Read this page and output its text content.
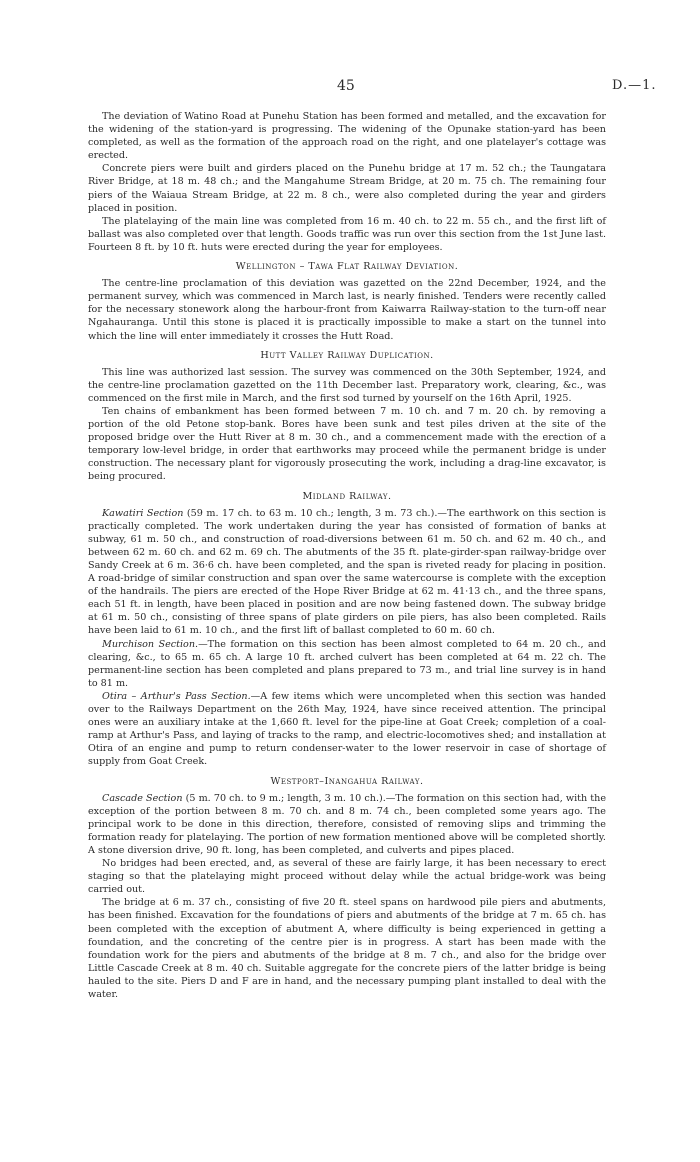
45	D.—1.

The deviation of Watino Road at Punehu Station has been formed and metalled, and the excavation for the widening of the station-yard is progressing. The widening of the Opunake station-yard has been completed, as well as the formation of the approach road on the right, and one platelayer's cottage was erected.

Concrete piers were built and girders placed on the Punehu bridge at 17 m. 52 ch.; the Taungatara River Bridge, at 18 m. 48 ch.; and the Mangahume Stream Bridge, at 20 m. 75 ch. The remaining four piers of the Waiaua Stream Bridge, at 22 m. 8 ch., were also completed during the year and girders placed in position.

The platelaying of the main line was completed from 16 m. 40 ch. to 22 m. 55 ch., and the first lift of ballast was also completed over that length. Goods traffic was run over this section from the 1st June last. Fourteen 8 ft. by 10 ft. huts were erected during the year for employees.

Wellington – Tawa Flat Railway Deviation.

The centre-line proclamation of this deviation was gazetted on the 22nd December, 1924, and the permanent survey, which was commenced in March last, is nearly finished. Tenders were recently called for the necessary stonework along the harbour-front from Kaiwarra Railway-station to the turn-off near Ngahauranga. Until this stone is placed it is practically impossible to make a start on the tunnel into which the line will enter immediately it crosses the Hutt Road.

Hutt Valley Railway Duplication.

This line was authorized last session. The survey was commenced on the 30th September, 1924, and the centre-line proclamation gazetted on the 11th December last. Preparatory work, clearing, &c., was commenced on the first mile in March, and the first sod turned by yourself on the 16th April, 1925.

Ten chains of embankment has been formed between 7 m. 10 ch. and 7 m. 20 ch. by removing a portion of the old Petone stop-bank. Bores have been sunk and test piles driven at the site of the proposed bridge over the Hutt River at 8 m. 30 ch., and a commencement made with the erection of a temporary low-level bridge, in order that earthworks may proceed while the permanent bridge is under construction. The necessary plant for vigorously prosecuting the work, including a drag-line excavator, is being procured.

Midland Railway.

Kawatiri Section (59 m. 17 ch. to 63 m. 10 ch.; length, 3 m. 73 ch.).—The earthwork on this section is practically completed. The work undertaken during the year has consisted of formation of banks at subway, 61 m. 50 ch., and construction of road-diversions between 61 m. 50 ch. and 62 m. 40 ch., and between 62 m. 60 ch. and 62 m. 69 ch. The abutments of the 35 ft. plate-girder-span railway-bridge over Sandy Creek at 6 m. 36·6 ch. have been completed, and the span is riveted ready for placing in position. A road-bridge of similar construction and span over the same watercourse is complete with the exception of the handrails. The piers are erected of the Hope River Bridge at 62 m. 41·13 ch., and the three spans, each 51 ft. in length, have been placed in position and are now being fastened down. The subway bridge at 61 m. 50 ch., consisting of three spans of plate girders on pile piers, has also been completed. Rails have been laid to 61 m. 10 ch., and the first lift of ballast completed to 60 m. 60 ch.

Murchison Section.—The formation on this section has been almost completed to 64 m. 20 ch., and clearing, &c., to 65 m. 65 ch. A large 10 ft. arched culvert has been completed at 64 m. 22 ch. The permanent-line section has been completed and plans prepared to 73 m., and trial line survey is in hand to 81 m.

Otira – Arthur's Pass Section.—A few items which were uncompleted when this section was handed over to the Railways Department on the 26th May, 1924, have since received attention. The principal ones were an auxiliary intake at the 1,660 ft. level for the pipe-line at Goat Creek; completion of a coal-ramp at Arthur's Pass, and laying of tracks to the ramp, and electric-locomotives shed; and installation at Otira of an engine and pump to return condenser-water to the lower reservoir in case of shortage of supply from Goat Creek.

Westport–Inangahua Railway.

Cascade Section (5 m. 70 ch. to 9 m.; length, 3 m. 10 ch.).—The formation on this section had, with the exception of the portion between 8 m. 70 ch. and 8 m. 74 ch., been completed some years ago. The principal work to be done in this direction, therefore, consisted of removing slips and trimming the formation ready for platelaying. The portion of new formation mentioned above will be completed shortly. A stone diversion drive, 90 ft. long, has been completed, and culverts and pipes placed.

No bridges had been erected, and, as several of these are fairly large, it has been necessary to erect staging so that the platelaying might proceed without delay while the actual bridge-work was being carried out.

The bridge at 6 m. 37 ch., consisting of five 20 ft. steel spans on hardwood pile piers and abutments, has been finished. Excavation for the foundations of piers and abutments of the bridge at 7 m. 65 ch. has been completed with the exception of abutment A, where difficulty is being experienced in getting a foundation, and the concreting of the centre pier is in progress. A start has been made with the foundation work for the piers and abutments of the bridge at 8 m. 7 ch., and also for the bridge over Little Cascade Creek at 8 m. 40 ch. Suitable aggregate for the concrete piers of the latter bridge is being hauled to the site. Piers D and F are in hand, and the necessary pumping plant installed to deal with the water.
